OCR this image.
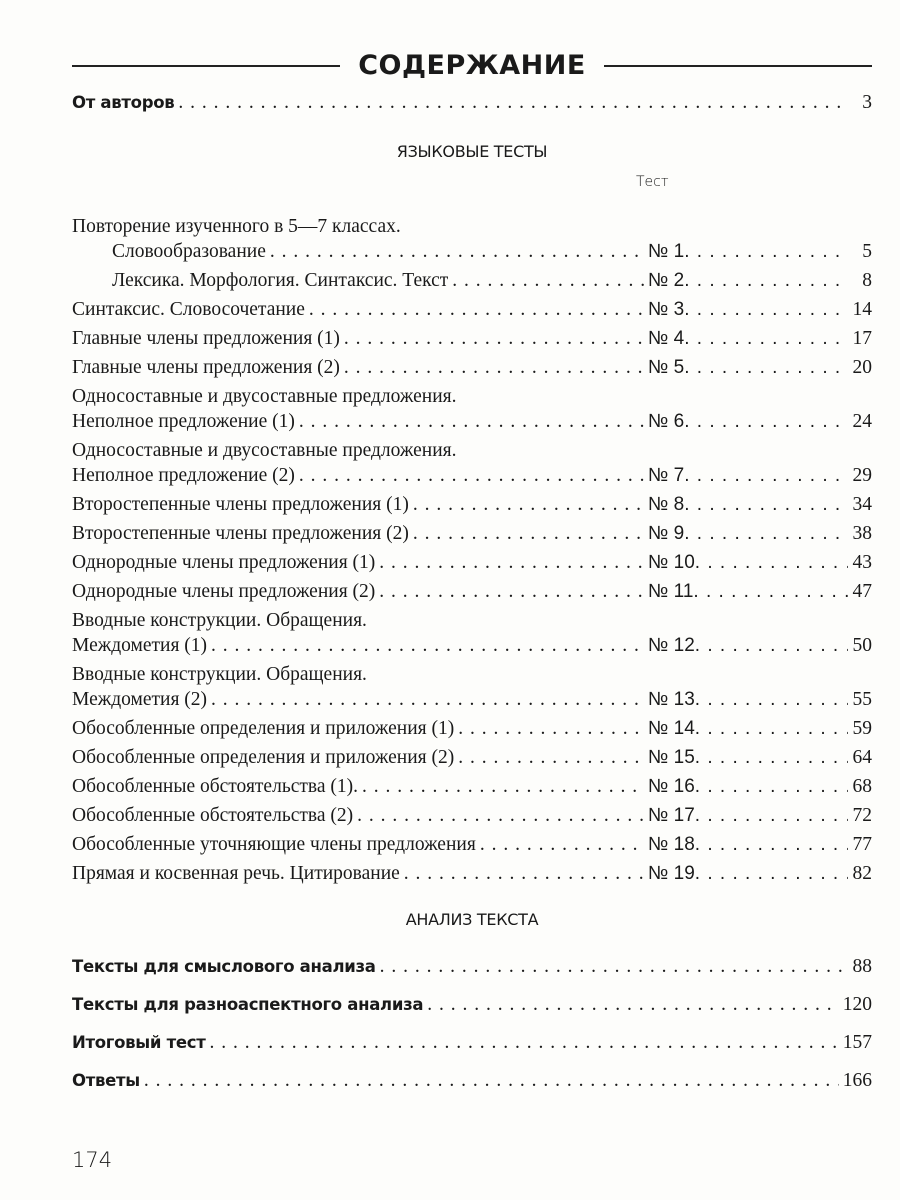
СОДЕРЖАНИЕ
От авторов . . .	3
ЯЗЫКОВЫЕ ТЕСТЫ
Тест
Повторение изученного в 5—7 классах.
Словообразование . . .	№ 1 . . .	5
Лексика. Морфология. Синтаксис. Текст . . .	№ 2 . . .	8
Синтаксис. Словосочетание . . .	№ 3 . . .	14
Главные члены предложения (1) . . .	№ 4 . . .	17
Главные члены предложения (2) . . .	№ 5 . . .	20
Односоставные и двусоставные предложения.
Неполное предложение (1) . . .	№ 6 . . .	24
Односоставные и двусоставные предложения.
Неполное предложение (2) . . .	№ 7 . . .	29
Второстепенные члены предложения (1) . . .	№ 8 . . .	34
Второстепенные члены предложения (2) . . .	№ 9 . . .	38
Однородные члены предложения (1) . . .	№ 10 . . .	43
Однородные члены предложения (2) . . .	№ 11 . . .	47
Вводные конструкции. Обращения.
Междометия (1) . . .	№ 12 . . .	50
Вводные конструкции. Обращения.
Междометия (2) . . .	№ 13 . . .	55
Обособленные определения и приложения (1) . . .	№ 14 . . .	59
Обособленные определения и приложения (2) . . .	№ 15 . . .	64
Обособленные обстоятельства (1). . . .	№ 16 . . .	68
Обособленные обстоятельства (2) . . .	№ 17 . . .	72
Обособленные уточняющие члены предложения . . .	№ 18 . . .	77
Прямая и косвенная речь. Цитирование . . .	№ 19 . . .	82
АНАЛИЗ ТЕКСТА
Тексты для смыслового анализа . . .	88
Тексты для разноаспектного анализа . . .	120
Итоговый тест . . .	157
Ответы . . .	166
174
